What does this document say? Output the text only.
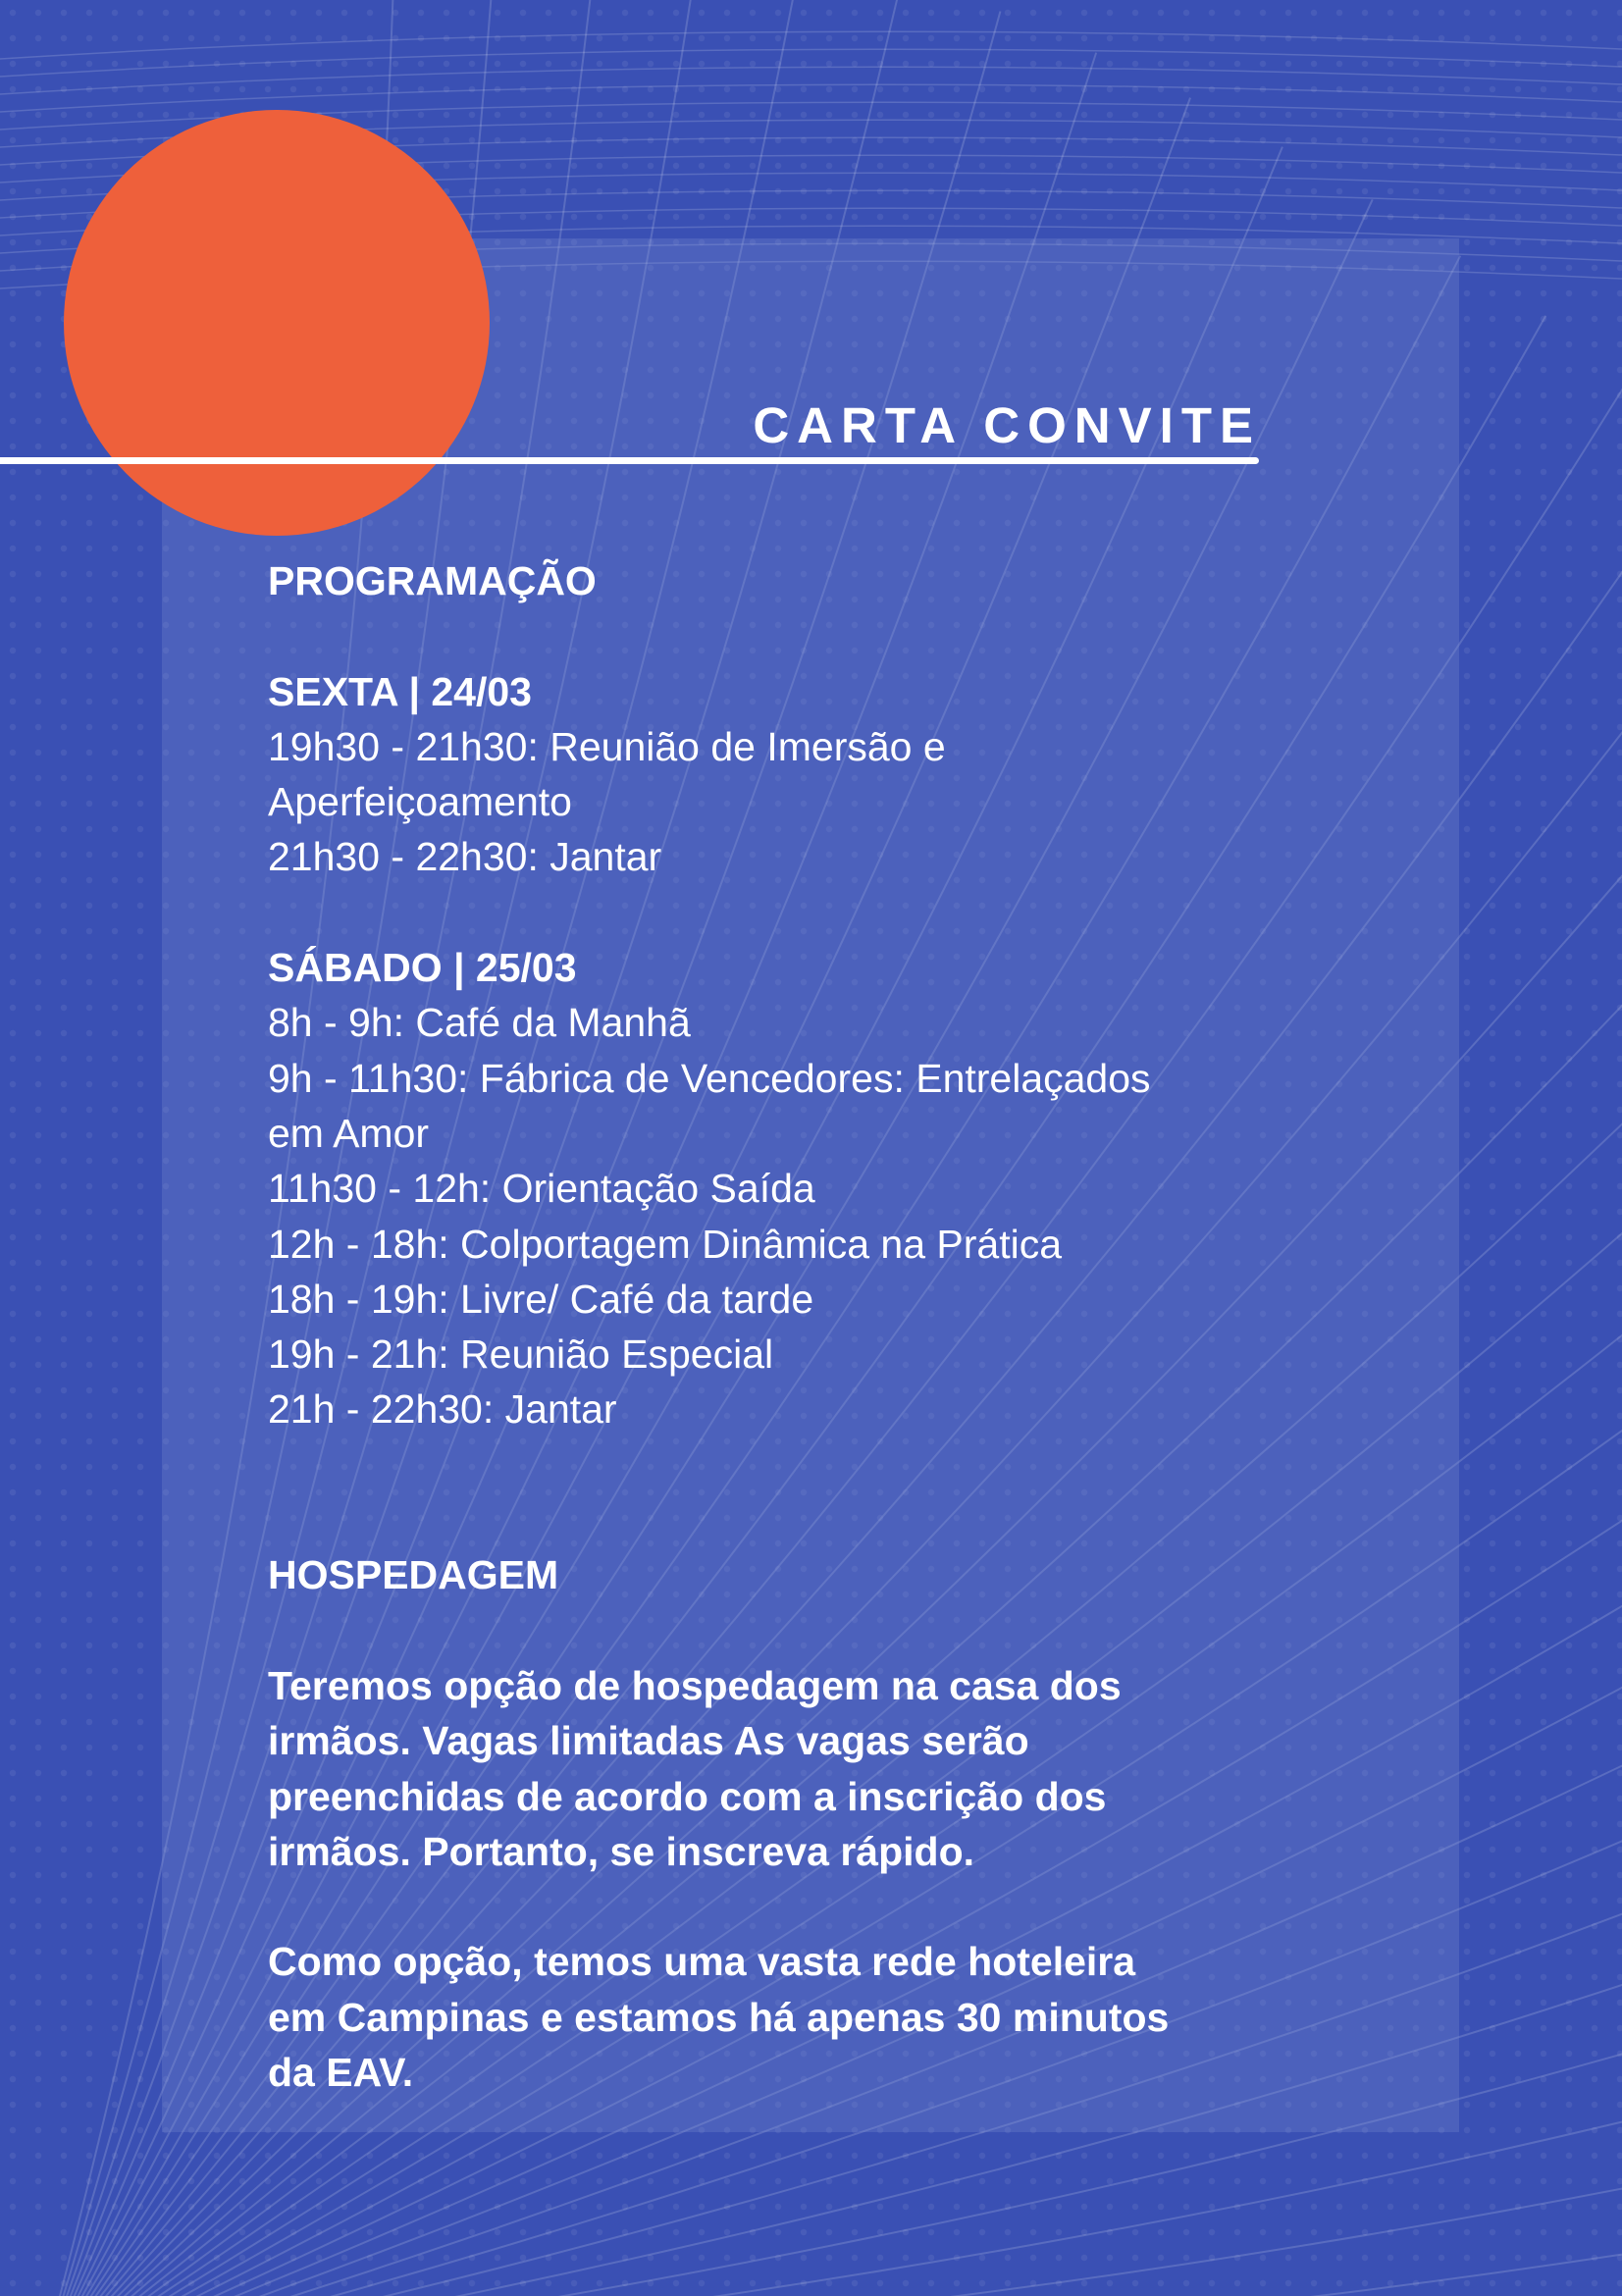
CARTA CONVITE

PROGRAMAÇÃO

SEXTA | 24/03

19h30 - 21h30: Reunião de Imersão e

Aperfeiçoamento

21h30 - 22h30: Jantar

SÁBADO | 25/03

8h - 9h: Café da Manhã

9h - 11h30: Fábrica de Vencedores: Entrelaçados

em Amor

11h30 - 12h: Orientação Saída

12h - 18h: Colportagem Dinâmica na Prática

18h - 19h: Livre/ Café da tarde

19h - 21h: Reunião Especial

21h - 22h30: Jantar

HOSPEDAGEM

Teremos opção de hospedagem na casa dos

irmãos. Vagas limitadas As vagas serão

preenchidas de acordo com a inscrição dos

irmãos. Portanto, se inscreva rápido.

Como opção, temos uma vasta rede hoteleira

em Campinas e estamos há apenas 30 minutos

da EAV.
